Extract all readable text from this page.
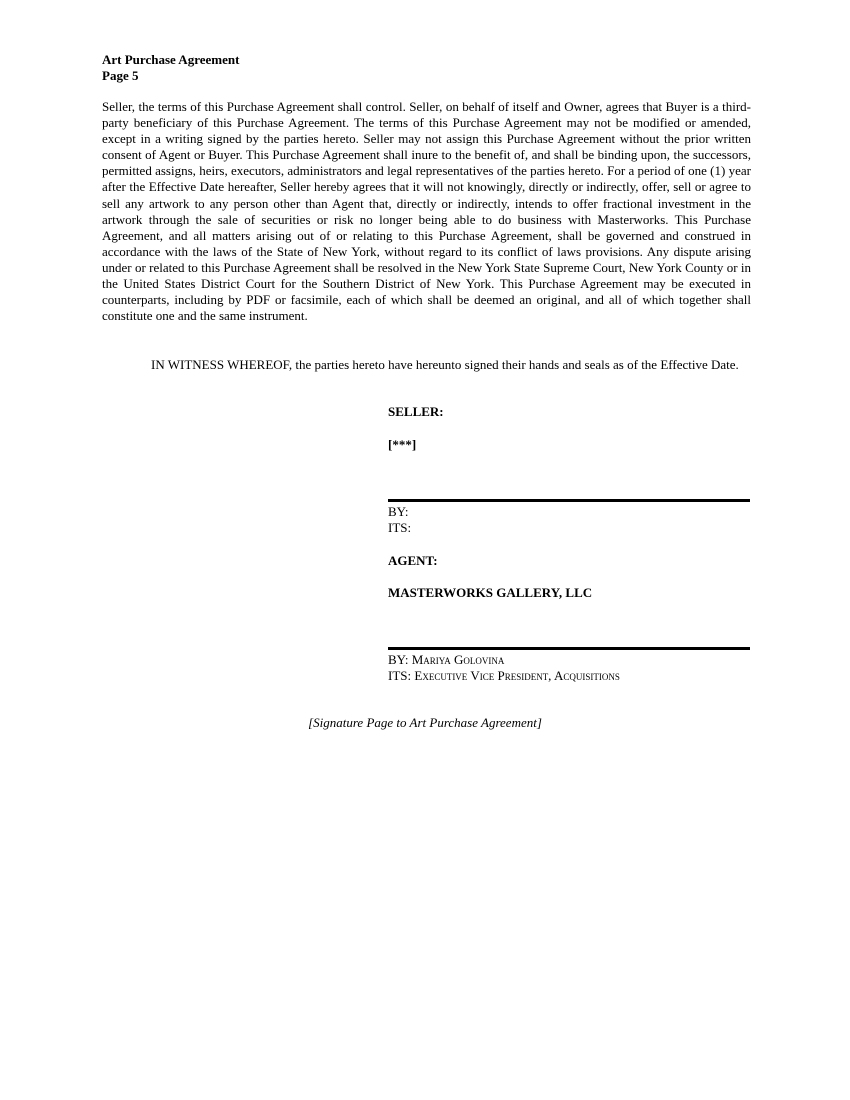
Art Purchase Agreement
Page 5
Seller, the terms of this Purchase Agreement shall control. Seller, on behalf of itself and Owner, agrees that Buyer is a third-party beneficiary of this Purchase Agreement. The terms of this Purchase Agreement may not be modified or amended, except in a writing signed by the parties hereto. Seller may not assign this Purchase Agreement without the prior written consent of Agent or Buyer. This Purchase Agreement shall inure to the benefit of, and shall be binding upon, the successors, permitted assigns, heirs, executors, administrators and legal representatives of the parties hereto. For a period of one (1) year after the Effective Date hereafter, Seller hereby agrees that it will not knowingly, directly or indirectly, offer, sell or agree to sell any artwork to any person other than Agent that, directly or indirectly, intends to offer fractional investment in the artwork through the sale of securities or risk no longer being able to do business with Masterworks. This Purchase Agreement, and all matters arising out of or relating to this Purchase Agreement, shall be governed and construed in accordance with the laws of the State of New York, without regard to its conflict of laws provisions. Any dispute arising under or related to this Purchase Agreement shall be resolved in the New York State Supreme Court, New York County or in the United States District Court for the Southern District of New York. This Purchase Agreement may be executed in counterparts, including by PDF or facsimile, each of which shall be deemed an original, and all of which together shall constitute one and the same instrument.
IN WITNESS WHEREOF, the parties hereto have hereunto signed their hands and seals as of the Effective Date.
SELLER:
[***]
BY:
ITS:
AGENT:
MASTERWORKS GALLERY, LLC
BY: Mariya Golovina
ITS: Executive Vice President, Acquisitions
[Signature Page to Art Purchase Agreement]
